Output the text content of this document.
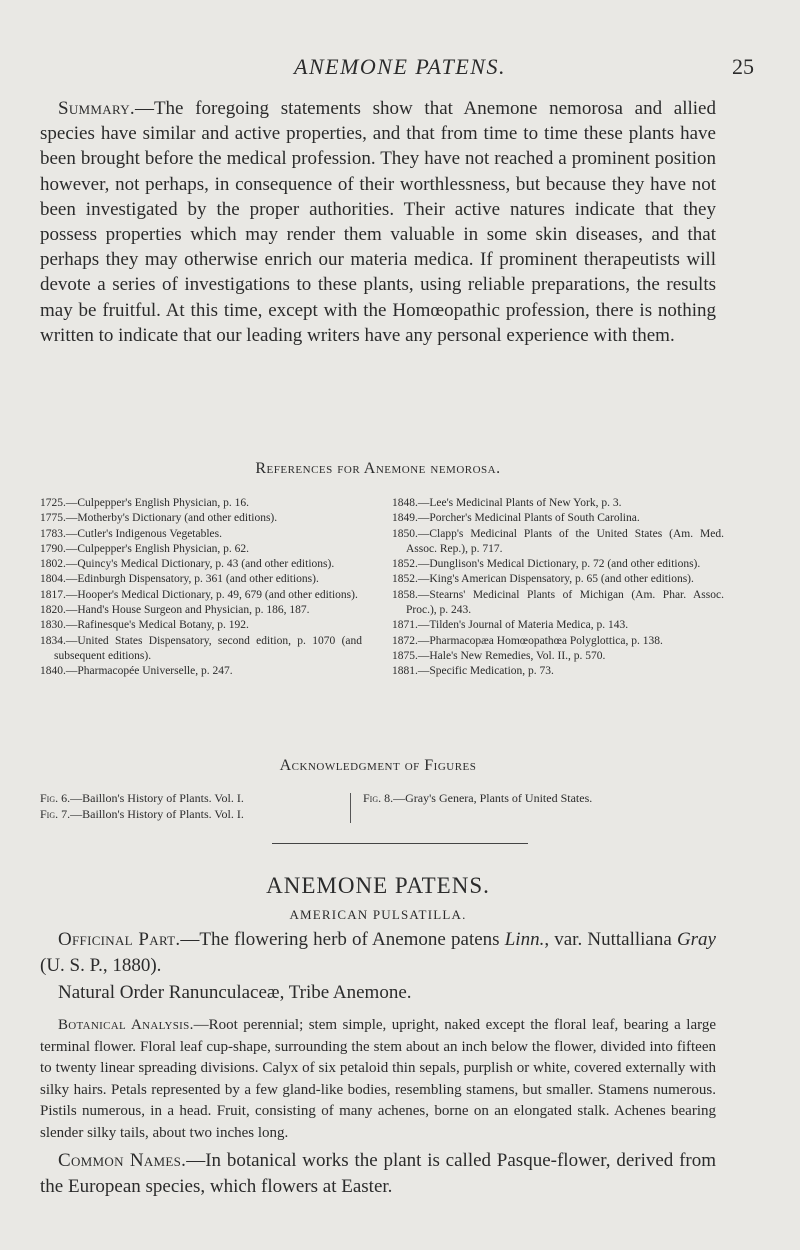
ANEMONE PATENS.	25

Summary.—The foregoing statements show that Anemone nemorosa and allied species have similar and active properties, and that from time to time these plants have been brought before the medical profession. They have not reached a prominent position however, not perhaps, in consequence of their worthlessness, but because they have not been investigated by the proper authorities. Their active natures indicate that they possess properties which may render them valuable in some skin diseases, and that perhaps they may otherwise enrich our materia medica. If prominent therapeutists will devote a series of investigations to these plants, using reliable preparations, the results may be fruitful. At this time, except with the Homœopathic profession, there is nothing written to indicate that our leading writers have any personal experience with them.

References for Anemone nemorosa.

1725.—Culpepper's English Physician, p. 16.

1775.—Motherby's Dictionary (and other editions).

1783.—Cutler's Indigenous Vegetables.

1790.—Culpepper's English Physician, p. 62.

1802.—Quincy's Medical Dictionary, p. 43 (and other editions).

1804.—Edinburgh Dispensatory, p. 361 (and other editions).

1817.—Hooper's Medical Dictionary, p. 49, 679 (and other editions).

1820.—Hand's House Surgeon and Physician, p. 186, 187.

1830.—Rafinesque's Medical Botany, p. 192.

1834.—United States Dispensatory, second edition, p. 1070 (and subsequent editions).

1840.—Pharmacopée Universelle, p. 247.

1848.—Lee's Medicinal Plants of New York, p. 3.

1849.—Porcher's Medicinal Plants of South Carolina.

1850.—Clapp's Medicinal Plants of the United States (Am. Med. Assoc. Rep.), p. 717.

1852.—Dunglison's Medical Dictionary, p. 72 (and other editions).

1852.—King's American Dispensatory, p. 65 (and other editions).

1858.—Stearns' Medicinal Plants of Michigan (Am. Phar. Assoc. Proc.), p. 243.

1871.—Tilden's Journal of Materia Medica, p. 143.

1872.—Pharmacopæa Homœopathœa Polyglottica, p. 138.

1875.—Hale's New Remedies, Vol. II., p. 570.

1881.—Specific Medication, p. 73.

Acknowledgment of Figures

Fig. 6.—Baillon's History of Plants. Vol. I.

Fig. 7.—Baillon's History of Plants. Vol. I.

Fig. 8.—Gray's Genera, Plants of United States.

ANEMONE PATENS.
AMERICAN PULSATILLA.

Officinal Part.—The flowering herb of Anemone patens Linn., var. Nuttalliana Gray (U. S. P., 1880).

Natural Order Ranunculaceæ, Tribe Anemone.

Botanical Analysis.—Root perennial; stem simple, upright, naked except the floral leaf, bearing a large terminal flower. Floral leaf cup-shape, surrounding the stem about an inch below the flower, divided into fifteen to twenty linear spreading divisions. Calyx of six petaloid thin sepals, purplish or white, covered externally with silky hairs. Petals represented by a few gland-like bodies, resembling stamens, but smaller. Stamens numerous. Pistils numerous, in a head. Fruit, consisting of many achenes, borne on an elongated stalk. Achenes bearing slender silky tails, about two inches long.

Common Names.—In botanical works the plant is called Pasque-flower, derived from the European species, which flowers at Easter.
